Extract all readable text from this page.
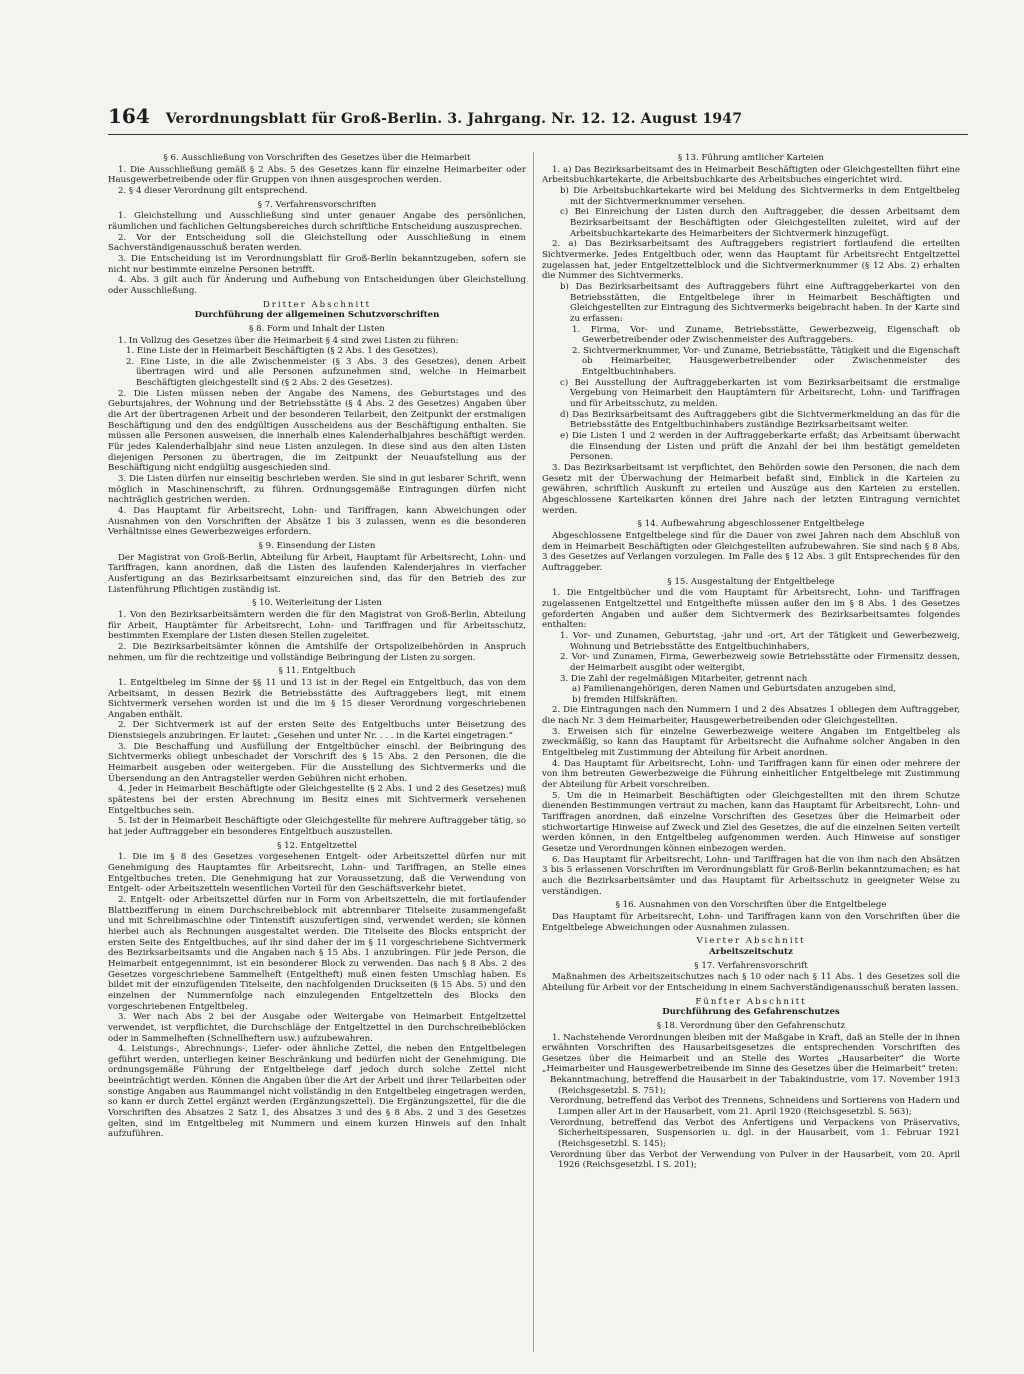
164 Verordnungsblatt für Groß-Berlin. 3. Jahrgang. Nr. 12. 12. August 1947

§ 6. Ausschließung von Vorschriften des Gesetzes über die Heimarbeit

1. Die Ausschließung gemäß § 2 Abs. 5 des Gesetzes kann für einzelne Heimarbeiter oder Hausgewerbetreibende oder für Gruppen von ihnen ausgesprochen werden.

2. § 4 dieser Verordnung gilt entsprechend.

§ 7. Verfahrensvorschriften

1. Gleichstellung und Ausschließung sind unter genauer Angabe des persönlichen, räumlichen und fachlichen Geltungsbereiches durch schriftliche Entscheidung auszusprechen.

2. Vor der Entscheidung soll die Gleichstellung oder Ausschließung in einem Sachverständigenausschuß beraten werden.

3. Die Entscheidung ist im Verordnungsblatt für Groß-Berlin bekanntzugeben, sofern sie nicht nur bestimmte einzelne Personen betrifft.

4. Abs. 3 gilt auch für Änderung und Aufhebung von Entscheidungen über Gleichstellung oder Ausschließung.

Dritter Abschnitt

Durchführung der allgemeinen Schutzvorschriften

§ 8. Form und Inhalt der Listen

1. In Vollzug des Gesetzes über die Heimarbeit § 4 sind zwei Listen zu führen:

1. Eine Liste der in Heimarbeit Beschäftigten (§ 2 Abs. 1 des Gesetzes).

2. Eine Liste, in die alle Zwischenmeister (§ 3 Abs. 3 des Gesetzes), denen Arbeit übertragen wird und alle Personen aufzunehmen sind, welche in Heimarbeit Beschäftigten gleichgestellt sind (§ 2 Abs. 2 des Gesetzes).

2. Die Listen müssen neben der Angabe des Namens, des Geburtstages und des Geburtsjahres, der Wohnung und der Betriebsstätte (§ 4 Abs. 2 des Gesetzes) Angaben über die Art der übertragenen Arbeit und der besonderen Teilarbeit, den Zeitpunkt der erstmaligen Beschäftigung und den des endgültigen Ausscheidens aus der Beschäftigung enthalten. Sie müssen alle Personen ausweisen, die innerhalb eines Kalenderhalbjahres beschäftigt werden. Für jedes Kalenderhalbjahr sind neue Listen anzulegen. In diese sind aus den alten Listen diejenigen Personen zu übertragen, die im Zeitpunkt der Neuaufstellung aus der Beschäftigung nicht endgültig ausgeschieden sind.

3. Die Listen dürfen nur einseitig beschrieben werden. Sie sind in gut lesbarer Schrift, wenn möglich in Maschinenschrift, zu führen. Ordnungsgemäße Eintragungen dürfen nicht nachträglich gestrichen werden.

4. Das Hauptamt für Arbeitsrecht, Lohn- und Tariffragen, kann Abweichungen oder Ausnahmen von den Vorschriften der Absätze 1 bis 3 zulassen, wenn es die besonderen Verhältnisse eines Gewerbezweiges erfordern.

§ 9. Einsendung der Listen

Der Magistrat von Groß-Berlin, Abteilung für Arbeit, Hauptamt für Arbeitsrecht, Lohn- und Tariffragen, kann anordnen, daß die Listen des laufenden Kalenderjahres in vierfacher Ausfertigung an das Bezirksarbeitsamt einzureichen sind, das für den Betrieb des zur Listenführung Pflichtigen zuständig ist.

§ 10. Weiterleitung der Listen

1. Von den Bezirksarbeitsämtern werden die für den Magistrat von Groß-Berlin, Abteilung für Arbeit, Hauptämter für Arbeitsrecht, Lohn- und Tariffragen und für Arbeitsschutz, bestimmten Exemplare der Listen diesen Stellen zugeleitet.

2. Die Bezirksarbeitsämter können die Amtshilfe der Ortspolizeibehörden in Anspruch nehmen, um für die rechtzeitige und vollständige Beibringung der Listen zu sorgen.

§ 11. Entgeltbuch

1. Entgeltbeleg im Sinne der §§ 11 und 13 ist in der Regel ein Entgeltbuch, das von dem Arbeitsamt, in dessen Bezirk die Betriebsstätte des Auftraggebers liegt, mit einem Sichtvermerk versehen worden ist und die im § 15 dieser Verordnung vorgeschriebenen Angaben enthält.

2. Der Sichtvermerk ist auf der ersten Seite des Entgeltbuchs unter Beisetzung des Dienstsiegels anzubringen. Er lautet: „Gesehen und unter Nr. . . . in die Kartei eingetragen.“

3. Die Beschaffung und Ausfüllung der Entgeltbücher einschl. der Beibringung des Sichtvermerks obliegt unbeschadet der Vorschrift des § 15 Abs. 2 den Personen, die die Heimarbeit ausgeben oder weitergeben. Für die Ausstellung des Sichtvermerks und die Übersendung an den Antragsteller werden Gebühren nicht erhoben.

4. Jeder in Heimarbeit Beschäftigte oder Gleichgestellte (§ 2 Abs. 1 und 2 des Gesetzes) muß spätestens bei der ersten Abrechnung im Besitz eines mit Sichtvermerk versehenen Entgeltbuches sein.

5. Ist der in Heimarbeit Beschäftigte oder Gleichgestellte für mehrere Auftraggeber tätig, so hat jeder Auftraggeber ein besonderes Entgeltbuch auszustellen.

§ 12. Entgeltzettel

1. Die im § 8 des Gesetzes vorgesehenen Entgelt- oder Arbeitszettel dürfen nur mit Genehmigung des Hauptamtes für Arbeitsrecht, Lohn- und Tariffragen, an Stelle eines Entgeltbuches treten. Die Genehmigung hat zur Voraussetzung, daß die Verwendung von Entgelt- oder Arbeitszetteln wesentlichen Vorteil für den Geschäftsverkehr bietet.

2. Entgelt- oder Arbeitszettel dürfen nur in Form von Arbeitszetteln, die mit fortlaufender Blattbezifferung in einem Durchschreibeblock mit abtrennbarer Titelseite zusammengefaßt und mit Schreibmaschine oder Tintenstift auszufertigen sind, verwendet werden; sie können hierbei auch als Rechnungen ausgestaltet werden. Die Titelseite des Blocks entspricht der ersten Seite des Entgeltbuches, auf ihr sind daher der im § 11 vorgeschriebene Sichtvermerk des Bezirksarbeitsamts und die Angaben nach § 15 Abs. 1 anzubringen. Für jede Person, die Heimarbeit entgegennimmt, ist ein besonderer Block zu verwenden. Das nach § 8 Abs. 2 des Gesetzes vorgeschriebene Sammelheft (Entgeltheft) muß einen festen Umschlag haben. Es bildet mit der einzufügenden Titelseite, den nachfolgenden Druckseiten (§ 15 Abs. 5) und den einzelnen der Nummernfolge nach einzulegenden Entgeltzetteln des Blocks den vorgeschriebenen Entgeltbeleg.

3. Wer nach Abs 2 bei der Ausgabe oder Weitergabe von Heimarbeit Entgeltzettel verwendet, ist verpflichtet, die Durchschläge der Entgeltzettel in den Durchschreibeblöcken oder in Sammelheften (Schnellheftern usw.) aufzubewahren.

4. Leistungs-, Abrechnungs-, Liefer- oder ähnliche Zettel, die neben den Entgeltbelegen geführt werden, unterliegen keiner Beschränkung und bedürfen nicht der Genehmigung. Die ordnungsgemäße Führung der Entgeltbelege darf jedoch durch solche Zettel nicht beeinträchtigt werden. Können die Angaben über die Art der Arbeit und ihrer Teilarbeiten oder sonstige Angaben aus Raummangel nicht vollständig in den Entgeltbeleg eingetragen werden, so kann er durch Zettel ergänzt werden (Ergänzungszettel). Die Ergänzungszettel, für die die Vorschriften des Absatzes 2 Satz 1, des Absatzes 3 und des § 8 Abs. 2 und 3 des Gesetzes gelten, sind im Entgeltbeleg mit Nummern und einem kurzen Hinweis auf den Inhalt aufzuführen.

§ 13. Führung amtlicher Karteien

1. a) Das Bezirksarbeitsamt des in Heimarbeit Beschäftigten oder Gleichgestellten führt eine Arbeitsbuchkartekarte, die Arbeitsbuchkarte des Arbeitsbuches eingerichtet wird.

b) Die Arbeitsbuchkartekarte wird bei Meldung des Sichtvermerks in dem Entgeltbeleg mit der Sichtvermerknummer versehen.

c) Bei Einreichung der Listen durch den Auftraggeber, die dessen Arbeitsamt dem Bezirksarbeitsamt der Beschäftigten oder Gleichgestellten zuleitet, wird auf der Arbeitsbuchkartekarte des Heimarbeiters der Sichtvermerk hinzugefügt.

2. a) Das Bezirksarbeitsamt des Auftraggebers registriert fortlaufend die erteilten Sichtvermerke. Jedes Entgeltbuch oder, wenn das Hauptamt für Arbeitsrecht Entgeltzettel zugelassen hat, jeder Entgeltzettelblock und die Sichtvermerknummer (§ 12 Abs. 2) erhalten die Nummer des Sichtvermerks.

b) Das Bezirksarbeitsamt des Auftraggebers führt eine Auftraggeberkartei von den Betriebsstätten, die Entgeltbelege ihrer in Heimarbeit Beschäftigten und Gleichgestellten zur Eintragung des Sichtvermerks beigebracht haben. In der Karte sind zu erfassen:

1. Firma, Vor- und Zuname, Betriebsstätte, Gewerbezweig, Eigenschaft ob Gewerbetreibender oder Zwischenmeister des Auftraggebers.

2. Sichtvermerknummer, Vor- und Zuname, Betriebsstätte, Tätigkeit und die Eigenschaft ob Heimarbeiter, Hausgewerbetreibender oder Zwischenmeister des Entgeltbuchinhabers.

c) Bei Ausstellung der Auftraggeberkarten ist vom Bezirksarbeitsamt die erstmalige Vergebung von Heimarbeit den Hauptämtern für Arbeitsrecht, Lohn- und Tariffragen und für Arbeitsschutz, zu melden.

d) Das Bezirksarbeitsamt des Auftraggebers gibt die Sichtvermerkmeldung an das für die Betriebsstätte des Entgeltbuchinhabers zuständige Bezirksarbeitsamt weiter.

e) Die Listen 1 und 2 werden in der Auftraggeberkarte erfaßt; das Arbeitsamt überwacht die Einsendung der Listen und prüft die Anzahl der bei ihm bestätigt gemeldeten Personen.

3. Das Bezirksarbeitsamt ist verpflichtet, den Behörden sowie den Personen, die nach dem Gesetz mit der Überwachung der Heimarbeit befaßt sind, Einblick in die Karteien zu gewähren, schriftlich Auskunft zu erteilen und Auszüge aus den Karteien zu erstellen. Abgeschlossene Karteikarten können drei Jahre nach der letzten Eintragung vernichtet werden.

§ 14. Aufbewahrung abgeschlossener Entgeltbelege

Abgeschlossene Entgeltbelege sind für die Dauer von zwei Jahren nach dem Abschluß von dem in Heimarbeit Beschäftigten oder Gleichgestellten aufzubewahren. Sie sind nach § 8 Abs. 3 des Gesetzes auf Verlangen vorzulegen. Im Falle des § 12 Abs. 3 gilt Entsprechendes für den Auftraggeber.

§ 15. Ausgestaltung der Entgeltbelege

1. Die Entgeltbücher und die vom Hauptamt für Arbeitsrecht, Lohn- und Tariffragen zugelassenen Entgeltzettel und Entgelthefte müssen außer den im § 8 Abs. 1 des Gesetzes geforderten Angaben und außer dem Sichtvermerk des Bezirksarbeitsamtes folgendes enthalten:

1. Vor- und Zunamen, Geburtstag, -jahr und -ort, Art der Tätigkeit und Gewerbezweig, Wohnung und Betriebsstätte des Entgeltbuchinhabers,

2. Vor- und Zunamen, Firma, Gewerbezweig sowie Betriebsstätte oder Firmensitz dessen, der Heimarbeit ausgibt oder weitergibt,

3. Die Zahl der regelmäßigen Mitarbeiter, getrennt nach

a) Familienangehörigen, deren Namen und Geburtsdaten anzugeben sind,

b) fremden Hilfskräften.

2. Die Eintragungen nach den Nummern 1 und 2 des Absatzes 1 obliegen dem Auftraggeber, die nach Nr. 3 dem Heimarbeiter, Hausgewerbetreibenden oder Gleichgestellten.

3. Erweisen sich für einzelne Gewerbezweige weitere Angaben im Entgeltbeleg als zweckmäßig, so kann das Hauptamt für Arbeitsrecht die Aufnahme solcher Angaben in den Entgeltbeleg mit Zustimmung der Abteilung für Arbeit anordnen.

4. Das Hauptamt für Arbeitsrecht, Lohn- und Tariffragen kann für einen oder mehrere der von ihm betreuten Gewerbezweige die Führung einheitlicher Entgeltbelege mit Zustimmung der Abteilung für Arbeit vorschreiben.

5. Um die in Heimarbeit Beschäftigten oder Gleichgestellten mit den ihrem Schutze dienenden Bestimmungen vertraut zu machen, kann das Hauptamt für Arbeitsrecht, Lohn- und Tariffragen anordnen, daß einzelne Vorschriften des Gesetzes über die Heimarbeit oder stichwortartige Hinweise auf Zweck und Ziel des Gesetzes, die auf die einzelnen Seiten verteilt werden können, in den Entgeltbeleg aufgenommen werden. Auch Hinweise auf sonstiger Gesetze und Verordnungen können einbezogen werden.

6. Das Hauptamt für Arbeitsrecht, Lohn- und Tariffragen hat die von ihm nach den Absätzen 3 bis 5 erlassenen Vorschriften im Verordnungsblatt für Groß-Berlin bekanntzumachen; es hat auch die Bezirksarbeitsämter und das Hauptamt für Arbeitsschutz in geeigneter Weise zu verständigen.

§ 16. Ausnahmen von den Vorschriften über die Entgeltbelege

Das Hauptamt für Arbeitsrecht, Lohn- und Tariffragen kann von den Vorschriften über die Entgeltbelege Abweichungen oder Ausnahmen zulassen.

Vierter Abschnitt

Arbeitszeitschutz

§ 17. Verfahrensvorschrift

Maßnahmen des Arbeitszeitschutzes nach § 10 oder nach § 11 Abs. 1 des Gesetzes soll die Abteilung für Arbeit vor der Entscheidung in einem Sachverständigenausschuß beraten lassen.

Fünfter Abschnitt

Durchführung des Gefahrenschutzes

§ 18. Verordnung über den Gefahrenschutz

1. Nachstehende Verordnungen bleiben mit der Maßgabe in Kraft, daß an Stelle der in ihnen erwähnten Vorschriften des Hausarbeitsgesetzes die entsprechenden Vorschriften des Gesetzes über die Heimarbeit und an Stelle des Wortes „Hausarbeiter“ die Worte „Heimarbeiter und Hausgewerbetreibende im Sinne des Gesetzes über die Heimarbeit“ treten:

Bekanntmachung, betreffend die Hausarbeit in der Tabakindustrie, vom 17. November 1913 (Reichsgesetzbl. S. 751);

Verordnung, betreffend das Verbot des Trennens, Schneidens und Sortierens von Hadern und Lumpen aller Art in der Hausarbeit, vom 21. April 1920 (Reichsgesetzbl. S. 563);

Verordnung, betreffend das Verbot des Anfertigens und Verpackens von Präservativs, Sicherheitspessaren, Suspensorien u. dgl. in der Hausarbeit, vom 1. Februar 1921 (Reichsgesetzbl. S. 145);

Verordnung über das Verbot der Verwendung von Pulver in der Hausarbeit, vom 20. April 1926 (Reichsgesetzbl. I S. 201);
